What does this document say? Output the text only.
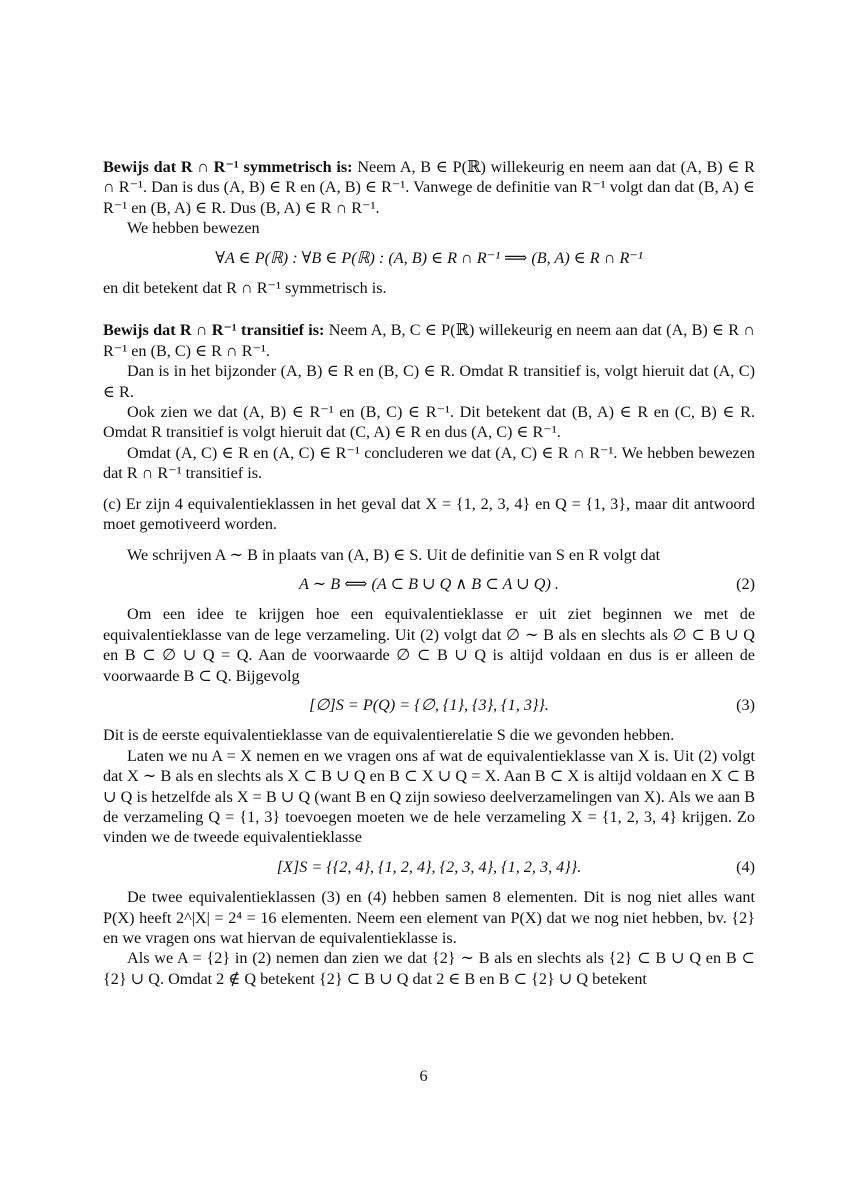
Bewijs dat R ∩ R⁻¹ symmetrisch is: Neem A, B ∈ P(ℝ) willekeurig en neem aan dat (A, B) ∈ R ∩ R⁻¹. Dan is dus (A, B) ∈ R en (A, B) ∈ R⁻¹. Vanwege de definitie van R⁻¹ volgt dan dat (B, A) ∈ R⁻¹ en (B, A) ∈ R. Dus (B, A) ∈ R ∩ R⁻¹.

We hebben bewezen

∀A ∈ P(ℝ) : ∀B ∈ P(ℝ) : (A, B) ∈ R ∩ R⁻¹ ⟹ (B, A) ∈ R ∩ R⁻¹

en dit betekent dat R ∩ R⁻¹ symmetrisch is.

Bewijs dat R ∩ R⁻¹ transitief is: Neem A, B, C ∈ P(ℝ) willekeurig en neem aan dat (A, B) ∈ R ∩ R⁻¹ en (B, C) ∈ R ∩ R⁻¹.

Dan is in het bijzonder (A, B) ∈ R en (B, C) ∈ R. Omdat R transitief is, volgt hieruit dat (A, C) ∈ R.

Ook zien we dat (A, B) ∈ R⁻¹ en (B, C) ∈ R⁻¹. Dit betekent dat (B, A) ∈ R en (C, B) ∈ R. Omdat R transitief is volgt hieruit dat (C, A) ∈ R en dus (A, C) ∈ R⁻¹.

Omdat (A, C) ∈ R en (A, C) ∈ R⁻¹ concluderen we dat (A, C) ∈ R ∩ R⁻¹. We hebben bewezen dat R ∩ R⁻¹ transitief is.

(c) Er zijn 4 equivalentieklassen in het geval dat X = {1, 2, 3, 4} en Q = {1, 3}, maar dit antwoord moet gemotiveerd worden.

We schrijven A ∼ B in plaats van (A, B) ∈ S. Uit de definitie van S en R volgt dat

A ∼ B ⟺ (A ⊂ B ∪ Q ∧ B ⊂ A ∪ Q) .	(2)

Om een idee te krijgen hoe een equivalentieklasse er uit ziet beginnen we met de equivalentieklasse van de lege verzameling. Uit (2) volgt dat ∅ ∼ B als en slechts als ∅ ⊂ B ∪ Q en B ⊂ ∅ ∪ Q = Q. Aan de voorwaarde ∅ ⊂ B ∪ Q is altijd voldaan en dus is er alleen de voorwaarde B ⊂ Q. Bijgevolg

[∅]S = P(Q) = {∅, {1}, {3}, {1, 3}}.	(3)

Dit is de eerste equivalentieklasse van de equivalentierelatie S die we gevonden hebben.

Laten we nu A = X nemen en we vragen ons af wat de equivalentieklasse van X is. Uit (2) volgt dat X ∼ B als en slechts als X ⊂ B ∪ Q en B ⊂ X ∪ Q = X. Aan B ⊂ X is altijd voldaan en X ⊂ B ∪ Q is hetzelfde als X = B ∪ Q (want B en Q zijn sowieso deelverzamelingen van X). Als we aan B de verzameling Q = {1, 3} toevoegen moeten we de hele verzameling X = {1, 2, 3, 4} krijgen. Zo vinden we de tweede equivalentieklasse

[X]S = {{2, 4}, {1, 2, 4}, {2, 3, 4}, {1, 2, 3, 4}}.	(4)

De twee equivalentieklassen (3) en (4) hebben samen 8 elementen. Dit is nog niet alles want P(X) heeft 2^|X| = 2⁴ = 16 elementen. Neem een element van P(X) dat we nog niet hebben, bv. {2} en we vragen ons wat hiervan de equivalentieklasse is.

Als we A = {2} in (2) nemen dan zien we dat {2} ∼ B als en slechts als {2} ⊂ B ∪ Q en B ⊂ {2} ∪ Q. Omdat 2 ∉ Q betekent {2} ⊂ B ∪ Q dat 2 ∈ B en B ⊂ {2} ∪ Q betekent

6
